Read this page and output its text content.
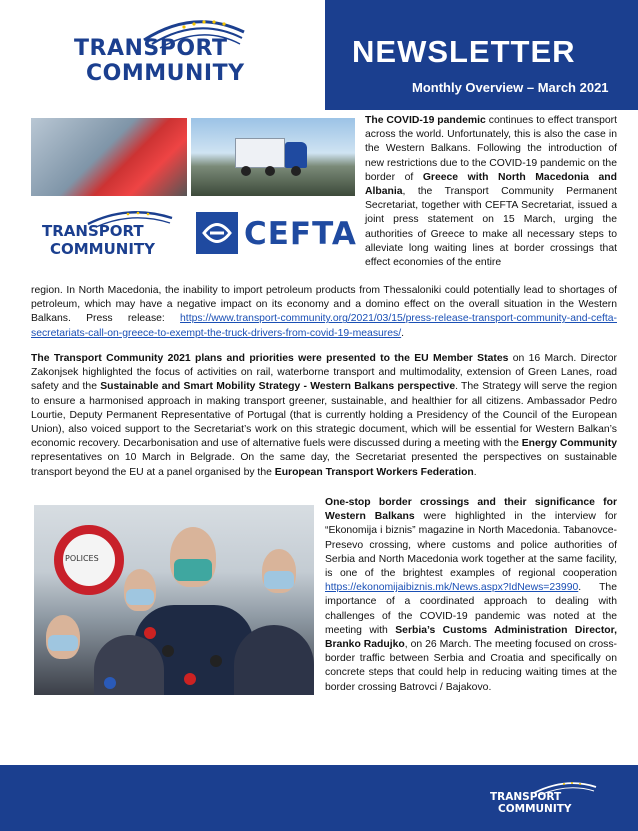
TRANSPORT
COMMUNITY
NEWSLETTER
Monthly Overview – March 2021
TRANSPORT
COMMUNITY	CEFTA

The COVID-19 pandemic continues to effect transport across the world. Unfortunately, this is also the case in the Western Balkans. Following the introduction of new restrictions due to the COVID-19 pandemic on the border of Greece with North Macedonia and Albania, the Transport Community Permanent Secretariat, together with CEFTA Secretariat, issued a joint press statement on 15 March, urging the authorities of Greece to make all necessary steps to alleviate long waiting lines at border crossings that effect economies of the entire

region. In North Macedonia, the inability to import petroleum products from Thessaloniki could potentially lead to shortages of petroleum, which may have a negative impact on its economy and a domino effect on the overall situation in the Western Balkans. Press release: https://www.transport-community.org/2021/03/15/press-release-transport-community-and-cefta-secretariats-call-on-greece-to-exempt-the-truck-drivers-from-covid-19-measures/.

The Transport Community 2021 plans and priorities were presented to the EU Member States on 16 March. Director Zakonjsek highlighted the focus of activities on rail, waterborne transport and multimodality, extension of Green Lanes, road safety and the Sustainable and Smart Mobility Strategy - Western Balkans perspective. The Strategy will serve the region to ensure a harmonised approach in making transport greener, sustainable, and healthier for all citizens. Ambassador Pedro Lourtie, Deputy Permanent Representative of Portugal (that is currently holding a Presidency of the Council of the European Union), also voiced support to the Secretariat’s work on this strategic document, which will be essential for Western Balkan’s economic recovery. Decarbonisation and use of alternative fuels were discussed during a meeting with the Energy Community representatives on 10 March in Belgrade. On the same day, the Secretariat presented the perspectives on sustainable transport beyond the EU at a panel organised by the European Transport Workers Federation.

POLICES

One-stop border crossings and their significance for Western Balkans were highlighted in the interview for “Ekonomija i biznis” magazine in North Macedonia. Tabanovce-Presevo crossing, where customs and police authorities of Serbia and North Macedonia work together at the same facility, is one of the brightest examples of regional cooperation https://ekonomijaibiznis.mk/News.aspx?IdNews=23990. The importance of a coordinated approach to dealing with challenges of the COVID-19 pandemic was noted at the meeting with Serbia’s Customs Administration Director, Branko Radujko, on 26 March. The meeting focused on cross-border traffic between Serbia and Croatia and specifically on concrete steps that could help in reducing waiting times at the border crossing Batrovci / Bajakovo.

TRANSPORT
COMMUNITY
